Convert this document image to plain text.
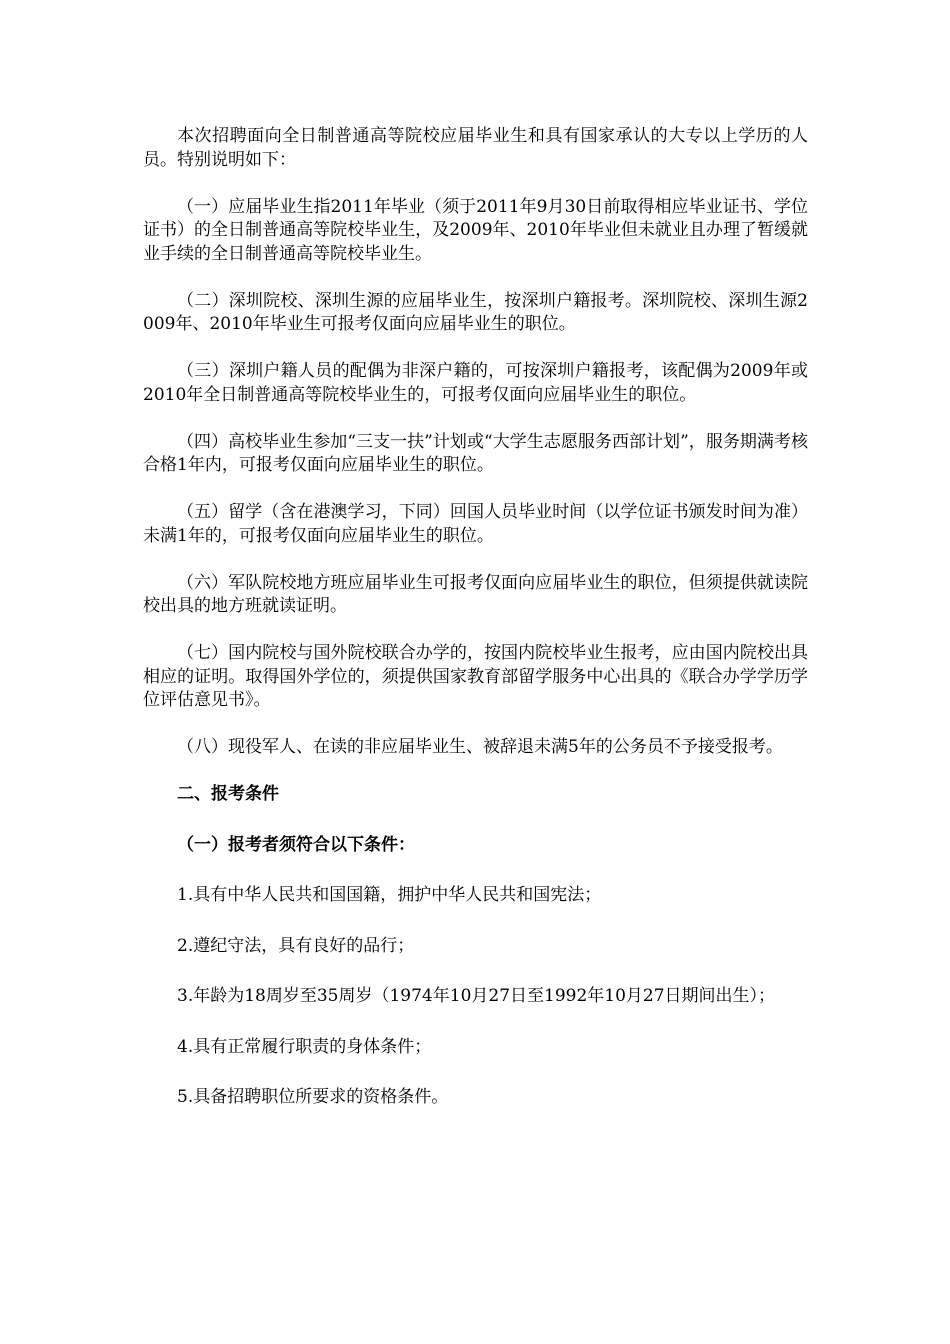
本次招聘面向全日制普通高等院校应届毕业生和具有国家承认的大专以上学历的人员。特别说明如下：

（一）应届毕业生指2011年毕业（须于2011年9月30日前取得相应毕业证书、学位证书）的全日制普通高等院校毕业生，及2009年、2010年毕业但未就业且办理了暂缓就业手续的全日制普通高等院校毕业生。

（二）深圳院校、深圳生源的应届毕业生，按深圳户籍报考。深圳院校、深圳生源2009年、2010年毕业生可报考仅面向应届毕业生的职位。

（三）深圳户籍人员的配偶为非深户籍的，可按深圳户籍报考，该配偶为2009年或2010年全日制普通高等院校毕业生的，可报考仅面向应届毕业生的职位。

（四）高校毕业生参加“三支一扶”计划或“大学生志愿服务西部计划”，服务期满考核合格1年内，可报考仅面向应届毕业生的职位。

（五）留学（含在港澳学习，下同）回国人员毕业时间（以学位证书颁发时间为准）未满1年的，可报考仅面向应届毕业生的职位。

（六）军队院校地方班应届毕业生可报考仅面向应届毕业生的职位，但须提供就读院校出具的地方班就读证明。

（七）国内院校与国外院校联合办学的，按国内院校毕业生报考，应由国内院校出具相应的证明。取得国外学位的，须提供国家教育部留学服务中心出具的《联合办学学历学位评估意见书》。

（八）现役军人、在读的非应届毕业生、被辞退未满5年的公务员不予接受报考。

二、报考条件

（一）报考者须符合以下条件：

1.具有中华人民共和国国籍，拥护中华人民共和国宪法；

2.遵纪守法，具有良好的品行；

3.年龄为18周岁至35周岁（1974年10月27日至1992年10月27日期间出生）；

4.具有正常履行职责的身体条件；

5.具备招聘职位所要求的资格条件。
